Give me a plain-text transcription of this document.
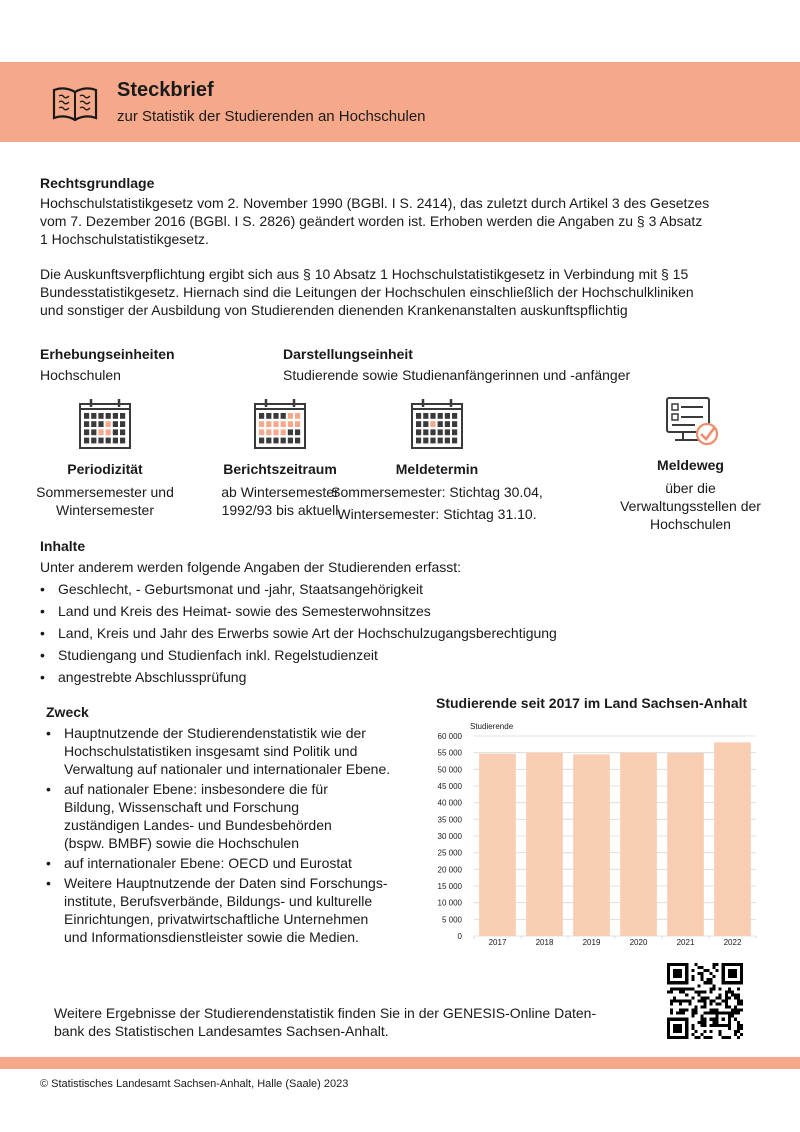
Steckbrief
zur Statistik der Studierenden an Hochschulen
Rechtsgrundlage
Hochschulstatistikgesetz vom 2. November 1990 (BGBl. I S. 2414), das zuletzt durch Artikel 3 des Gesetzes
vom 7. Dezember 2016 (BGBl. I S. 2826) geändert worden ist. Erhoben werden die Angaben zu § 3 Absatz
1 Hochschulstatistikgesetz.
Die Auskunftsverpflichtung ergibt sich aus § 10 Absatz 1 Hochschulstatistikgesetz in Verbindung mit § 15
Bundesstatistikgesetz. Hiernach sind die Leitungen der Hochschulen einschließlich der Hochschulkliniken
und sonstiger der Ausbildung von Studierenden dienenden Krankenanstalten auskunftspflichtig
Erhebungseinheiten
Hochschulen
Darstellungseinheit
Studierende sowie Studienanfängerinnen und -anfänger
Periodizität
Sommersemester und
Wintersemester
Berichtszeitraum
ab Wintersemester
1992/93 bis aktuell
Meldetermin
Sommersemester: Stichtag 30.04,
Wintersemester: Stichtag 31.10.
Meldeweg
über die
Verwaltungsstellen der
Hochschulen
Inhalte
Unter anderem werden folgende Angaben der Studierenden erfasst:
• Geschlecht, - Geburtsmonat und -jahr, Staatsangehörigkeit
• Land und Kreis des Heimat- sowie des Semesterwohnsitzes
• Land, Kreis und Jahr des Erwerbs sowie Art der Hochschulzugangsberechtigung
• Studiengang und Studienfach inkl. Regelstudienzeit
• angestrebte Abschlussprüfung
Zweck
• Hauptnutzende der Studierendenstatistik wie der
Hochschulstatistiken insgesamt sind Politik und
Verwaltung auf nationaler und internationaler Ebene.
• auf nationaler Ebene: insbesondere die für
Bildung, Wissenschaft und Forschung
zuständigen Landes- und Bundesbehörden
(bspw. BMBF) sowie die Hochschulen
• auf internationaler Ebene: OECD und Eurostat
• Weitere Hauptnutzende der Daten sind Forschungs-
institute, Berufsverbände, Bildungs- und kulturelle
Einrichtungen, privatwirtschaftliche Unternehmen
und Informationsdienstleister sowie die Medien.
Studierende seit 2017 im Land Sachsen-Anhalt
Studierende
0
5 000
10 000
15 000
20 000
25 000
30 000
35 000
40 000
45 000
50 000
55 000
60 000
2017	2018	2019	2020	2021	2022
Weitere Ergebnisse der Studierendenstatistik finden Sie in der GENESIS-Online Daten-
bank des Statistischen Landesamtes Sachsen-Anhalt.
© Statistisches Landesamt Sachsen-Anhalt, Halle (Saale) 2023
